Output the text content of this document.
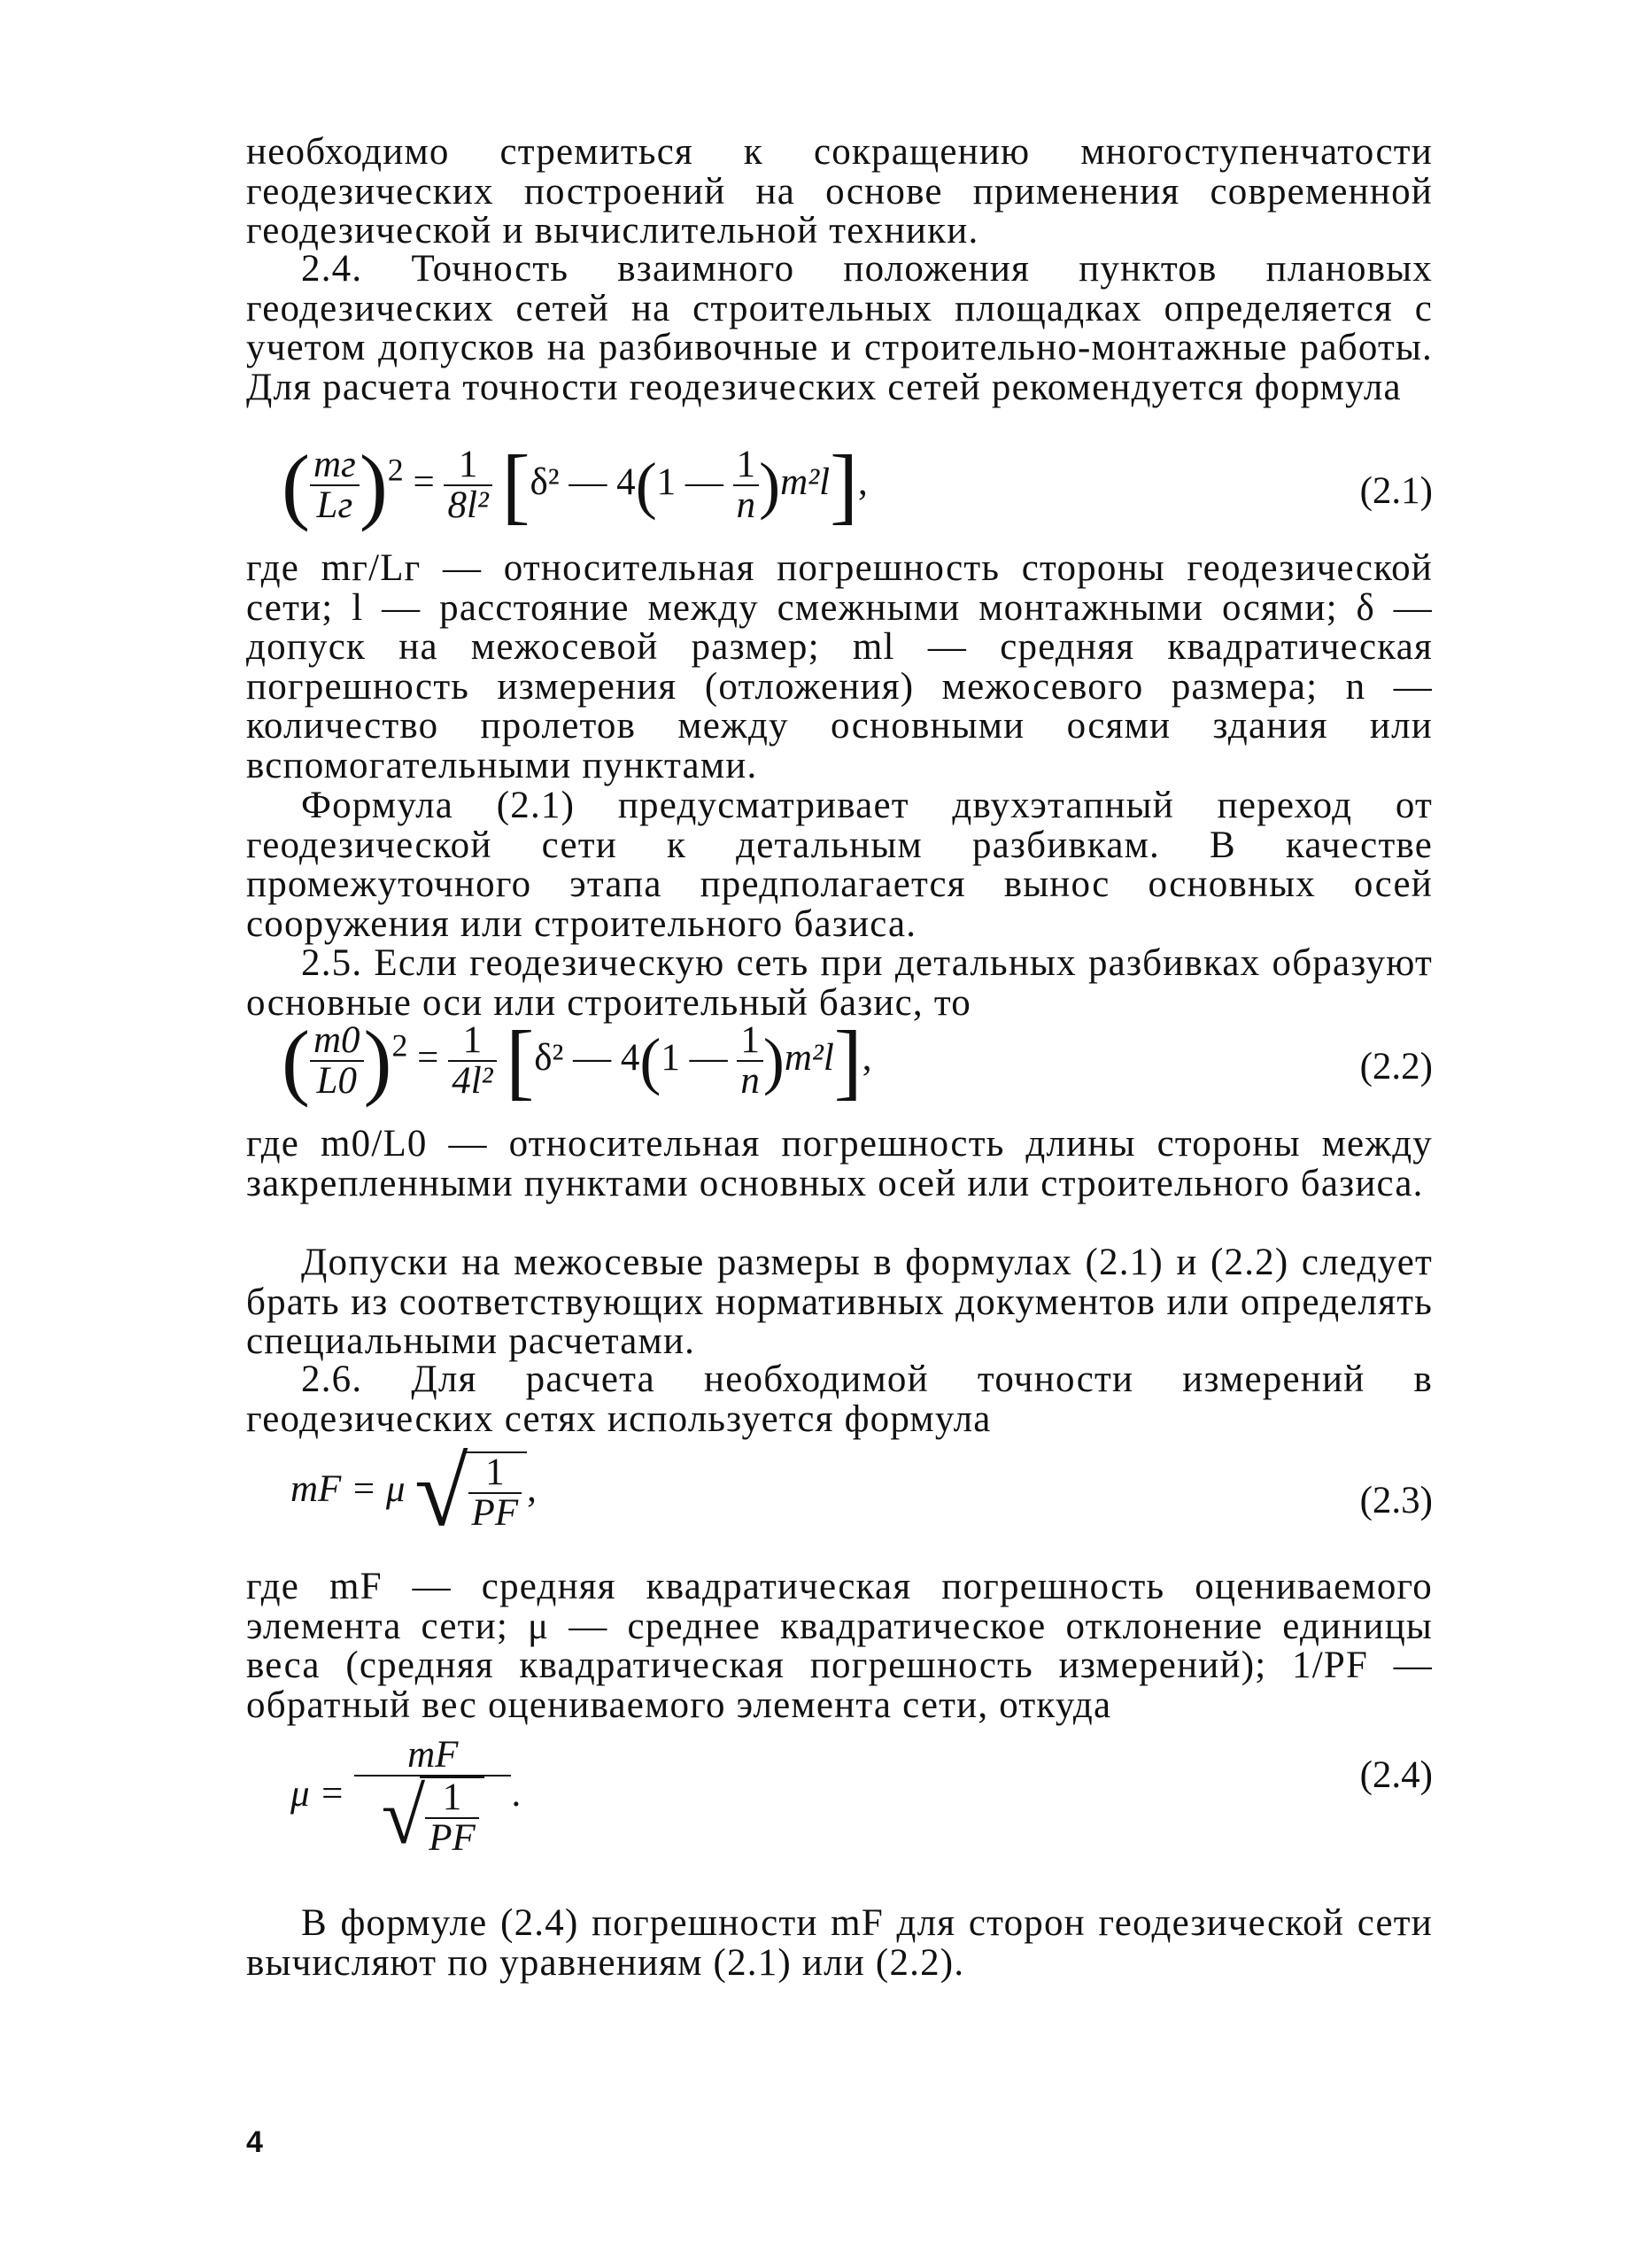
необходимо стремиться к сокращению многоступенчатости геодезических построений на основе применения современной геодезической и вычислительной техники.

2.4. Точность взаимного положения пунктов плановых геодезических сетей на строительных площадках определяется с учетом допусков на разбивочные и строительно-монтажные работы. Для расчета точности геодезических сетей рекомендуется формула

( $\frac{mг}{Lг} )^2 = \frac{1}{\text{8l²}} [\delta^2$ — 4(1 — $\frac{1}{n} )m^2l$],	(2.1)

где mг/Lг — относительная погрешность стороны геодезической сети; l — расстояние между смежными монтажными осями; δ — допуск на межосевой размер; ml — средняя квадратическая погрешность измерения (отложения) межосевого размера; n — количество пролетов между основными осями здания или вспомогательными пунктами.

Формула (2.1) предусматривает двухэтапный переход от геодезической сети к детальным разбивкам. В качестве промежуточного этапа предполагается вынос основных осей сооружения или строительного базиса.

2.5. Если геодезическую сеть при детальных разбивках образуют основные оси или строительный базис, то

( $\frac{m0}{L0} )^2 = \frac{1}{\text{4l²}} [\delta^2$ — 4(1 — $\frac{1}{n} )m^2l$],	(2.2)

где m0/L0 — относительная погрешность длины стороны между закрепленными пунктами основных осей или строительного базиса.

Допуски на межосевые размеры в формулах (2.1) и (2.2) следует брать из соответствующих нормативных документов или определять специальными расчетами.

2.6. Для расчета необходимой точности измерений в геодезических сетях используется формула

mF = μ √ $\frac{1}{PF}$ ,	(2.3)

где mF — средняя квадратическая погрешность оцениваемого элемента сети; μ — среднее квадратическое отклонение единицы веса (средняя квадратическая погрешность измерений); 1/PF — обратный вес оцениваемого элемента сети, откуда

$\mu = \frac{mF}{√ \frac{1}{PF}}$ .	(2.4)

В формуле (2.4) погрешности mF для сторон геодезической сети вычисляют по уравнениям (2.1) или (2.2).

4
